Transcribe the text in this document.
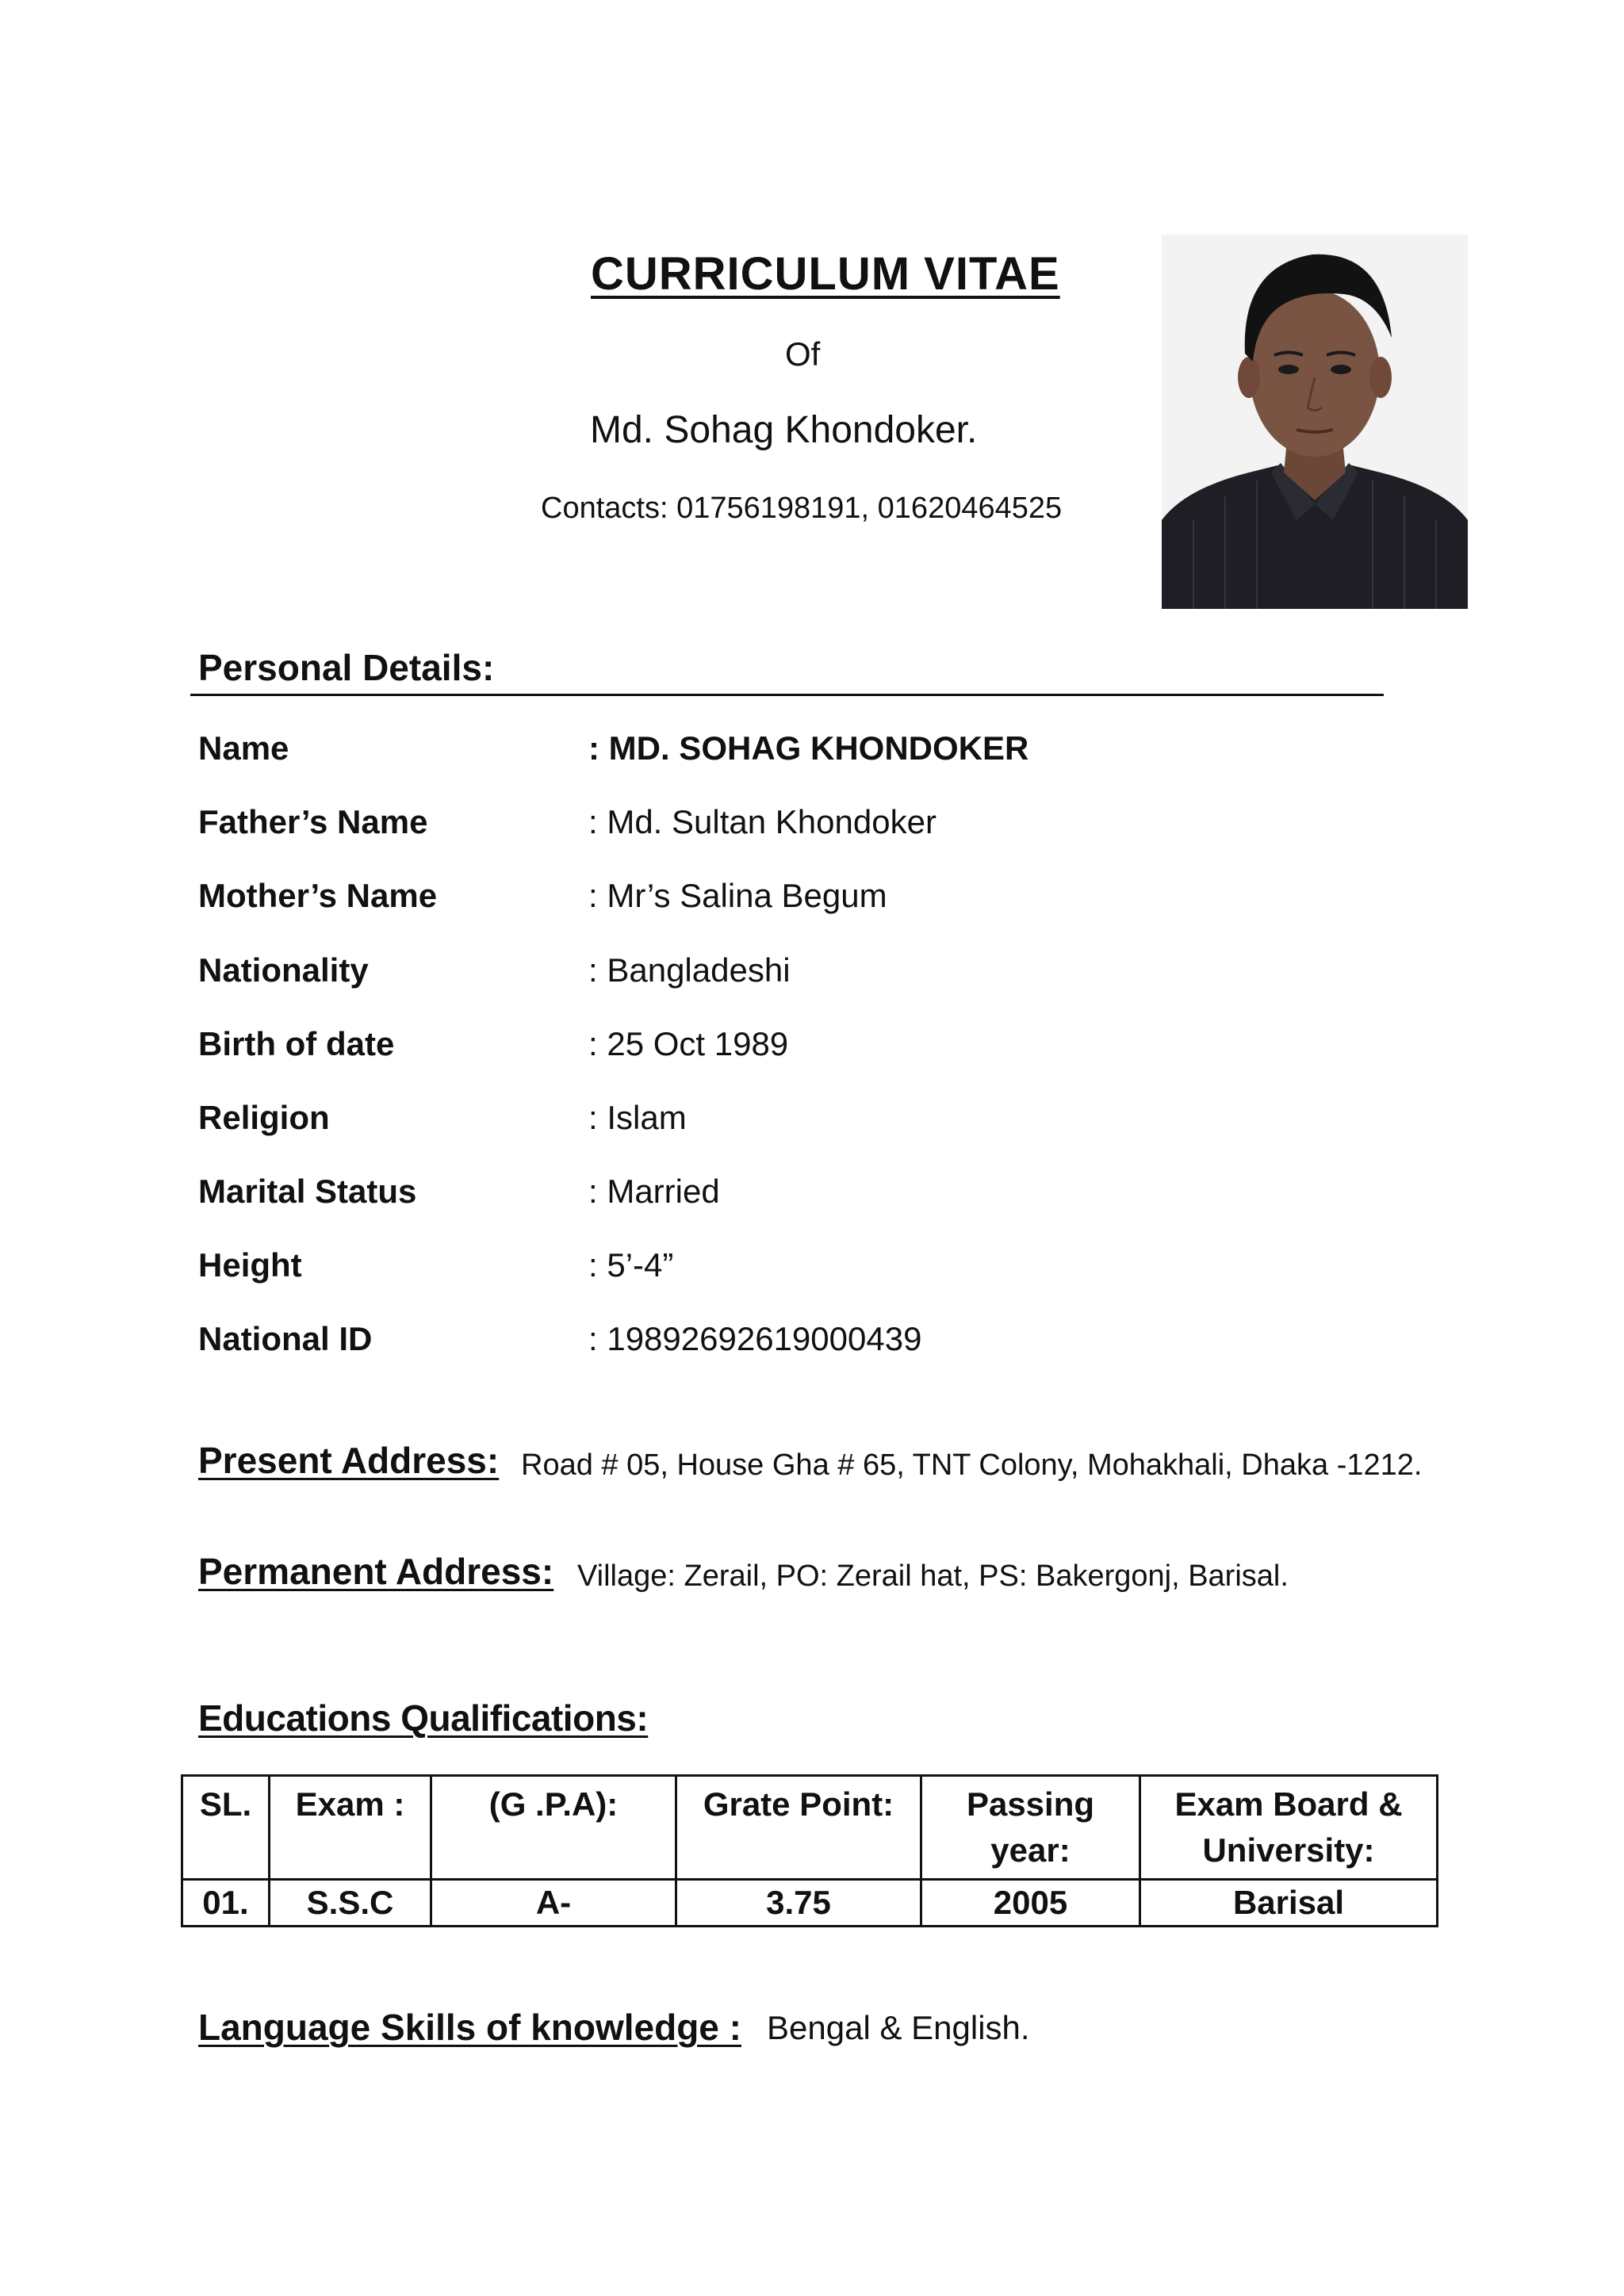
CURRICULUM VITAE
Of
Md. Sohag Khondoker.
Contacts: 01756198191, 01620464525
Personal Details:
Name	: MD. SOHAG KHONDOKER
Father’s Name	: Md. Sultan Khondoker
Mother’s Name	: Mr’s Salina Begum
Nationality	: Bangladeshi
Birth of date	: 25 Oct 1989
Religion	: Islam
Marital Status	: Married
Height	: 5’-4”
National ID	: 19892692619000439
Present Address: Road # 05, House Gha # 65, TNT Colony, Mohakhali, Dhaka -1212.
Permanent Address: Village: Zerail, PO: Zerail hat, PS: Bakergonj, Barisal.
Educations Qualifications:
SL.	Exam :	(G .P.A):	Grate Point:	Passing year:	Exam Board & University:
01.	S.S.C	A-	3.75	2005	Barisal
Language Skills of knowledge : Bengal & English.
